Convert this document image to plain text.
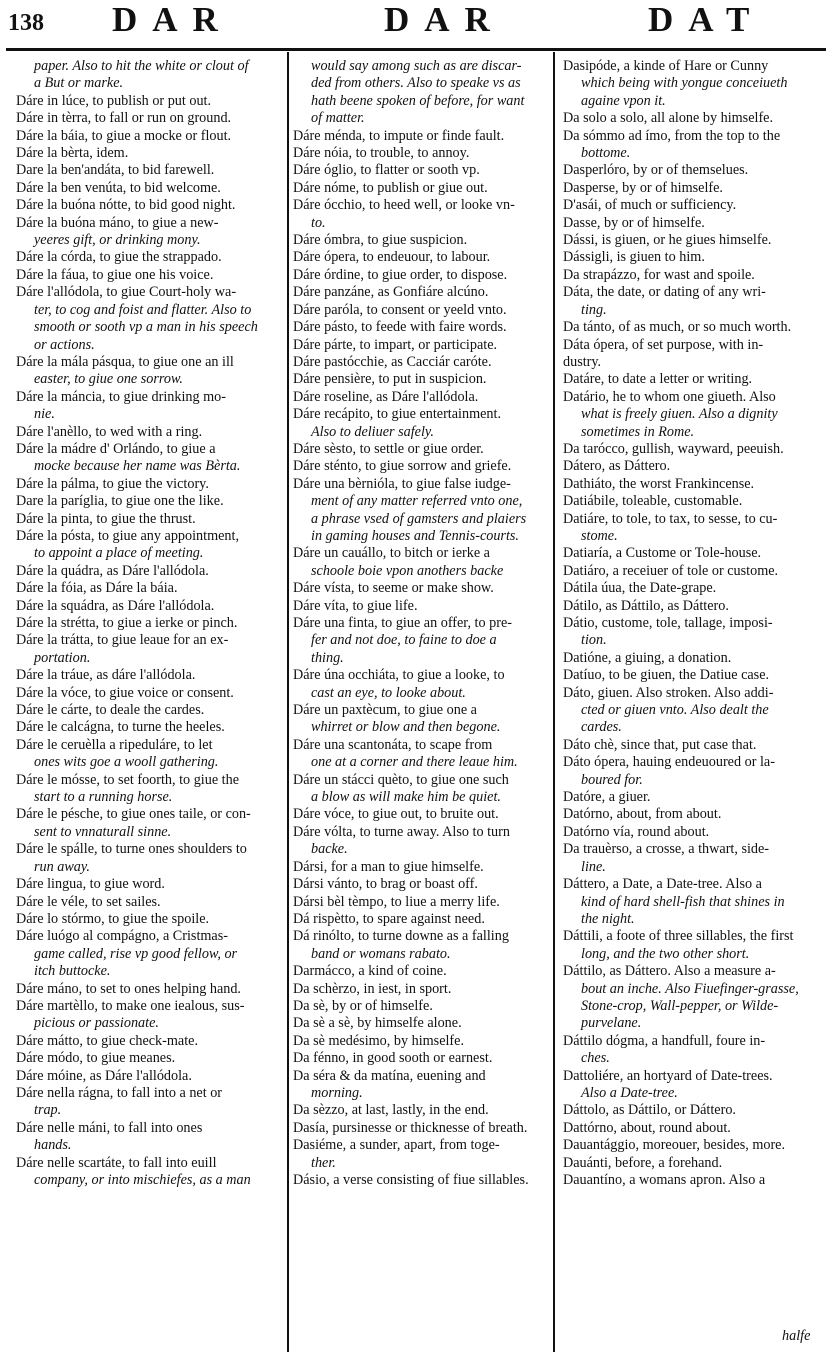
138 DAR	DAR	DAT
paper. Also to hit the white or clout of
a But or marke.
Dáre in lúce, to publish or put out.
Dáre in tèrra, to fall or run on ground.
Dáre la báia, to giue a mocke or flout.
Dáre la bèrta, idem.
Dare la ben'andáta, to bid farewell.
Dáre la ben venúta, to bid welcome.
Dáre la buóna nótte, to bid good night.
Dáre la buóna máno, to giue a new-
yeeres gift, or drinking mony.
Dáre la córda, to giue the strappado.
Dáre la fáua, to giue one his voice.
Dáre l'allódola, to giue Court-holy wa-
ter, to cog and foist and flatter. Also to
smooth or sooth vp a man in his speech
or actions.
Dáre la mála pásqua, to giue one an ill
easter, to giue one sorrow.
Dáre la máncia, to giue drinking mo-
nie.
Dáre l'anèllo, to wed with a ring.
Dáre la mádre d' Orlándo, to giue a
mocke because her name was Bèrta.
Dáre la pálma, to giue the victory.
Dare la paríglia, to giue one the like.
Dáre la pinta, to giue the thrust.
Dáre la pósta, to giue any appointment,
to appoint a place of meeting.
Dáre la quádra, as Dáre l'allódola.
Dáre la fóia, as Dáre la báia.
Dáre la squádra, as Dáre l'allódola.
Dáre la strétta, to giue a ierke or pinch.
Dáre la trátta, to giue leaue for an ex-
portation.
Dáre la tráue, as dáre l'allódola.
Dáre la vóce, to giue voice or consent.
Dáre le cárte, to deale the cardes.
Dáre le calcágna, to turne the heeles.
Dáre le ceruèlla a ripeduláre, to let
ones wits goe a wooll gathering.
Dáre le mósse, to set foorth, to giue the
start to a running horse.
Dáre le pésche, to giue ones taile, or con-
sent to vnnaturall sinne.
Dáre le spálle, to turne ones shoulders to
run away.
Dáre lingua, to giue word.
Dáre le véle, to set sailes.
Dáre lo stórmo, to giue the spoile.
Dáre luógo al compágno, a Cristmas-
game called, rise vp good fellow, or
itch buttocke.
Dáre máno, to set to ones helping hand.
Dáre martèllo, to make one iealous, sus-
picious or passionate.
Dáre mátto, to giue check-mate.
Dáre módo, to giue meanes.
Dáre móine, as Dáre l'allódola.
Dáre nella rágna, to fall into a net or
trap.
Dáre nelle máni, to fall into ones
hands.
Dáre nelle scartáte, to fall into euill
company, or into mischiefes, as a man
would say among such as are discar-
ded from others. Also to speake vs as
hath beene spoken of before, for want
of matter.
Dáre ménda, to impute or finde fault.
Dáre nóia, to trouble, to annoy.
Dáre óglio, to flatter or sooth vp.
Dáre nóme, to publish or giue out.
Dáre ócchio, to heed well, or looke vn-
to.
Dáre ómbra, to giue suspicion.
Dáre ópera, to endeuour, to labour.
Dáre órdine, to giue order, to dispose.
Dáre panzáne, as Gonfiáre alcúno.
Dáre paróla, to consent or yeeld vnto.
Dáre pásto, to feede with faire words.
Dáre párte, to impart, or participate.
Dáre pastócchie, as Cacciár caróte.
Dáre pensière, to put in suspicion.
Dáre roseline, as Dáre l'allódola.
Dáre recápito, to giue entertainment.
Also to deliuer safely.
Dáre sèsto, to settle or giue order.
Dáre sténto, to giue sorrow and griefe.
Dáre una bèrnióla, to giue false iudge-
ment of any matter referred vnto one,
a phrase vsed of gamsters and plaiers
in gaming houses and Tennis-courts.
Dáre un cauállo, to bitch or ierke a
schoole boie vpon anothers backe
Dáre vísta, to seeme or make show.
Dáre víta, to giue life.
Dáre una finta, to giue an offer, to pre-
fer and not doe, to faine to doe a
thing.
Dáre úna occhiáta, to giue a looke, to
cast an eye, to looke about.
Dáre un paxtècum, to giue one a
whirret or blow and then begone.
Dáre una scantonáta, to scape from
one at a corner and there leaue him.
Dáre un stácci quèto, to giue one such
a blow as will make him be quiet.
Dáre vóce, to giue out, to bruite out.
Dáre vólta, to turne away. Also to turn
backe.
Dársi, for a man to giue himselfe.
Dársi vánto, to brag or boast off.
Dársi bèl tèmpo, to liue a merry life.
Dá rispètto, to spare against need.
Dá rinólto, to turne downe as a falling
band or womans rabato.
Darmácco, a kind of coine.
Da schèrzo, in iest, in sport.
Da sè, by or of himselfe.
Da sè a sè, by himselfe alone.
Da sè medésimo, by himselfe.
Da fénno, in good sooth or earnest.
Da séra & da matína, euening and
morning.
Da sèzzo, at last, lastly, in the end.
Dasía, pursinesse or thicknesse of breath.
Dasiéme, a sunder, apart, from toge-
ther.
Dásio, a verse consisting of fiue sillables.
Dasipóde, a kinde of Hare or Cunny
which being with yongue conceiueth
againe vpon it.
Da solo a solo, all alone by himselfe.
Da sómmo ad ímo, from the top to the
bottome.
Dasperlóro, by or of themselues.
Dasperse, by or of himselfe.
D'asái, of much or sufficiency.
Dasse, by or of himselfe.
Dássi, is giuen, or he giues himselfe.
Dássigli, is giuen to him.
Da strapázzo, for wast and spoile.
Dáta, the date, or dating of any wri-
ting.
Da tánto, of as much, or so much worth.
Dáta ópera, of set purpose, with in-
dustry.
Datáre, to date a letter or writing.
Datário, he to whom one giueth. Also
what is freely giuen. Also a dignity
sometimes in Rome.
Da tarócco, gullish, wayward, peeuish.
Dátero, as Dáttero.
Dathiáto, the worst Frankincense.
Datiábile, toleable, customable.
Datiáre, to tole, to tax, to sesse, to cu-
stome.
Datiaría, a Custome or Tole-house.
Datiáro, a receiuer of tole or custome.
Dátila úua, the Date-grape.
Dátilo, as Dáttilo, as Dáttero.
Dátio, custome, tole, tallage, imposi-
tion.
Datióne, a giuing, a donation.
Datíuo, to be giuen, the Datiue case.
Dáto, giuen. Also stroken. Also addi-
cted or giuen vnto. Also dealt the
cardes.
Dáto chè, since that, put case that.
Dáto ópera, hauing endeuoured or la-
boured for.
Datóre, a giuer.
Datórno, about, from about.
Datórno vía, round about.
Da trauèrso, a crosse, a thwart, side-
line.
Dáttero, a Date, a Date-tree. Also a
kind of hard shell-fish that shines in
the night.
Dáttili, a foote of three sillables, the first
long, and the two other short.
Dáttilo, as Dáttero. Also a measure a-
bout an inche. Also Fiuefinger-grasse,
Stone-crop, Wall-pepper, or Wilde-
purvelane.
Dáttilo dógma, a handfull, foure in-
ches.
Dattoliére, an hortyard of Date-trees.
Also a Date-tree.
Dáttolo, as Dáttilo, or Dáttero.
Dattórno, about, round about.
Dauantággio, moreouer, besides, more.
Dauánti, before, a forehand.
Dauantíno, a womans apron. Also a
halfe
